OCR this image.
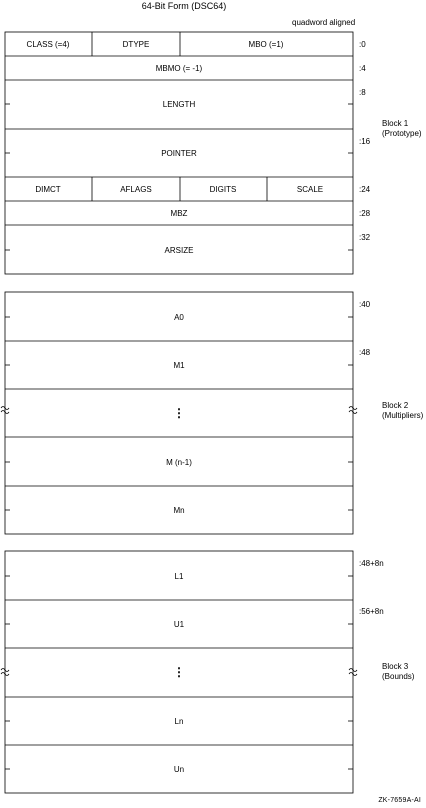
64-Bit Form (DSC64)
quadword aligned
CLASS (=4)	DTYPE	MBO (=1)
MBMO (= -1)
LENGTH
POINTER
DIMCT	AFLAGS	DIGITS	SCALE
MBZ
ARSIZE
A0
M1
⋮
M (n-1)
Mn
L1
U1
⋮
Ln
Un
:0
:4
:8
:16
:24
:28
:32
:40
:48
:48+8n
:56+8n
Block 1
(Prototype)
Block 2
(Multipliers)
Block 3
(Bounds)
ZK-7659A-AI
